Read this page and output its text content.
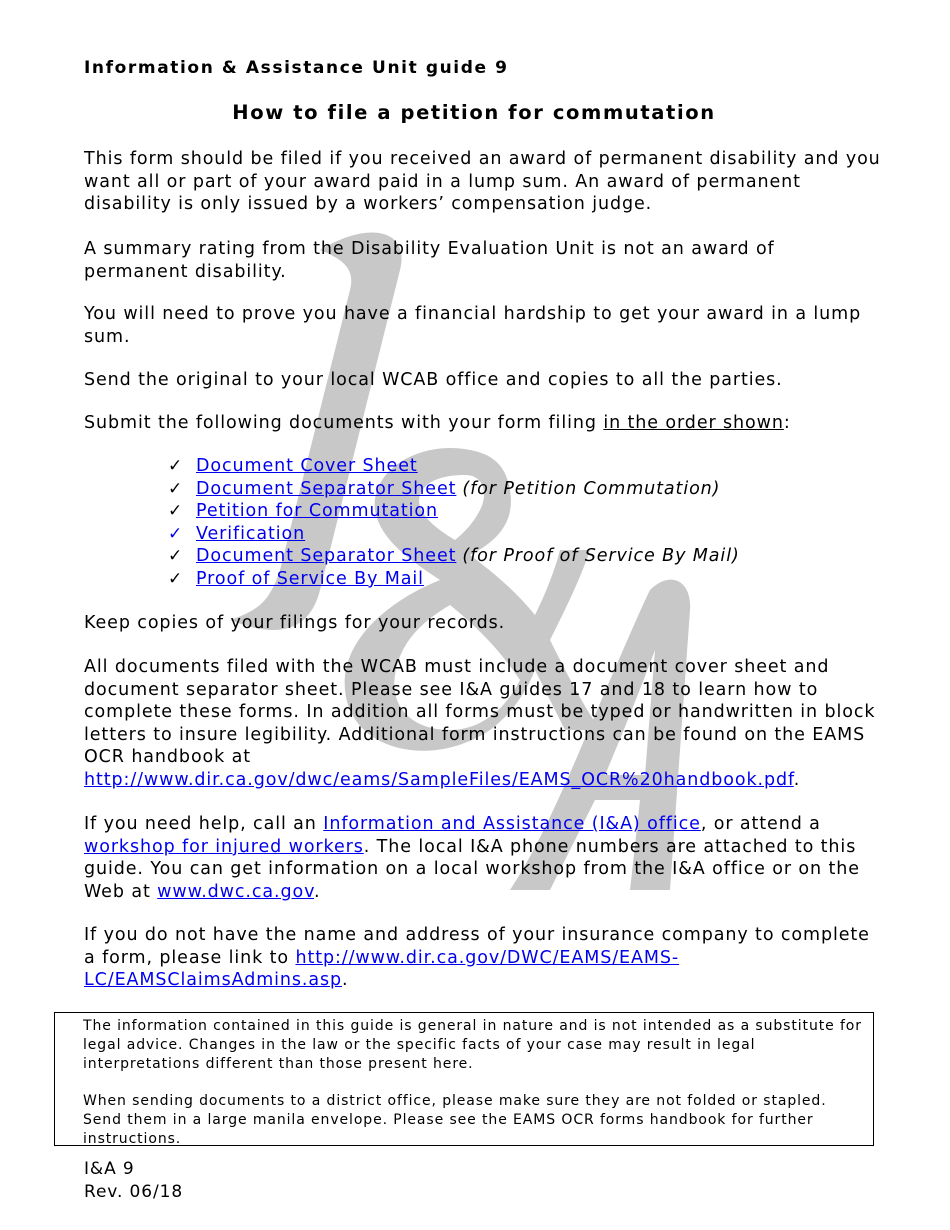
Information & Assistance Unit guide 9
How to file a petition for commutation

This form should be filed if you received an award of permanent disability and you want all or part of your award paid in a lump sum. An award of permanent disability is only issued by a workers’ compensation judge.

A summary rating from the Disability Evaluation Unit is not an award of permanent disability.

You will need to prove you have a financial hardship to get your award in a lump sum.

Send the original to your local WCAB office and copies to all the parties.

Submit the following documents with your form filing in the order shown:

✓ Document Cover Sheet
✓ Document Separator Sheet (for Petition Commutation)
✓ Petition for Commutation
✓ Verification
✓ Document Separator Sheet (for Proof of Service By Mail)
✓ Proof of Service By Mail

Keep copies of your filings for your records.

All documents filed with the WCAB must include a document cover sheet and document separator sheet. Please see I&A guides 17 and 18 to learn how to complete these forms. In addition all forms must be typed or handwritten in block letters to insure legibility. Additional form instructions can be found on the EAMS OCR handbook at
http://www.dir.ca.gov/dwc/eams/SampleFiles/EAMS_OCR%20handbook.pdf.

If you need help, call an Information and Assistance (I&A) office, or attend a workshop for injured workers. The local I&A phone numbers are attached to this guide. You can get information on a local workshop from the I&A office or on the Web at www.dwc.ca.gov.

If you do not have the name and address of your insurance company to complete a form, please link to http://www.dir.ca.gov/DWC/EAMS/EAMS-LC/EAMSClaimsAdmins.asp.

The information contained in this guide is general in nature and is not intended as a substitute for legal advice. Changes in the law or the specific facts of your case may result in legal interpretations different than those present here.

When sending documents to a district office, please make sure they are not folded or stapled. Send them in a large manila envelope. Please see the EAMS OCR forms handbook for further instructions.

I&A 9
Rev. 06/18
